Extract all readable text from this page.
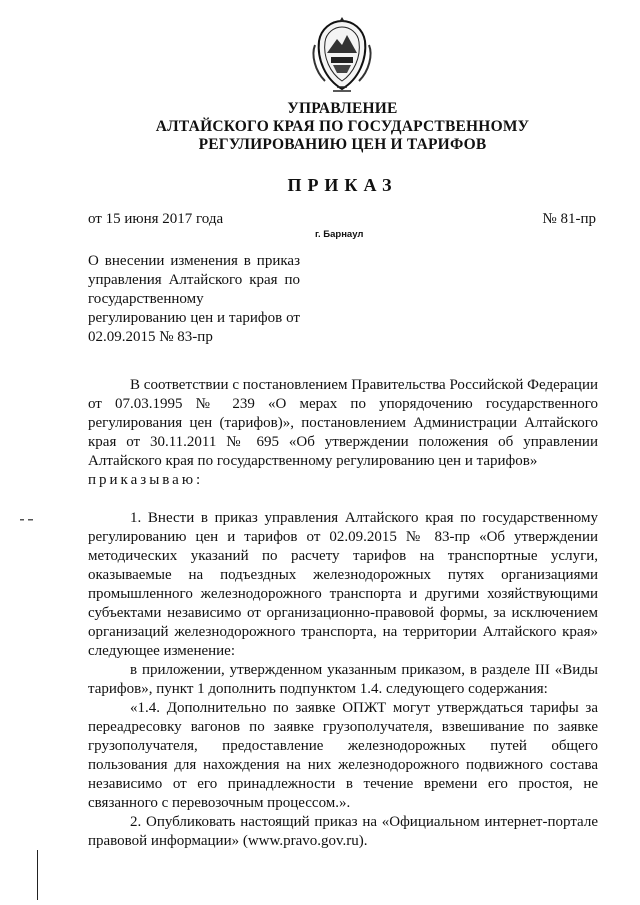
УПРАВЛЕНИЕ
АЛТАЙСКОГО КРАЯ ПО ГОСУДАРСТВЕННОМУ
РЕГУЛИРОВАНИЮ ЦЕН И ТАРИФОВ
ПРИКАЗ
от 15 июня 2017 года	№ 81-пр
г. Барнаул
О внесении изменения в приказ управления Алтайского края по государственному регулированию цен и тарифов от 02.09.2015 № 83-пр

В соответствии с постановлением Правительства Российской Федерации от 07.03.1995 № 239 «О мерах по упорядочению государственного регулирования цен (тарифов)», постановлением Администрации Алтайского края от 30.11.2011 № 695 «Об утверждении положения об управлении Алтайского края по государственному регулированию цен и тарифов»

приказываю:

1. Внести в приказ управления Алтайского края по государственному регулированию цен и тарифов от 02.09.2015 № 83-пр «Об утверждении методических указаний по расчету тарифов на транспортные услуги, оказываемые на подъездных железнодорожных путях организациями промышленного железнодорожного транспорта и другими хозяйствующими субъектами независимо от организационно-правовой формы, за исключением организаций железнодорожного транспорта, на территории Алтайского края» следующее изменение:

в приложении, утвержденном указанным приказом, в разделе III «Виды тарифов», пункт 1 дополнить подпунктом 1.4. следующего содержания:

«1.4. Дополнительно по заявке ОПЖТ могут утверждаться тарифы за переадресовку вагонов по заявке грузополучателя, взвешивание по заявке грузополучателя, предоставление железнодорожных путей общего пользования для нахождения на них железнодорожного подвижного состава независимо от его принадлежности в течение времени его простоя, не связанного с перевозочным процессом.».

2. Опубликовать настоящий приказ на «Официальном интернет-портале правовой информации» (www.pravo.gov.ru).
